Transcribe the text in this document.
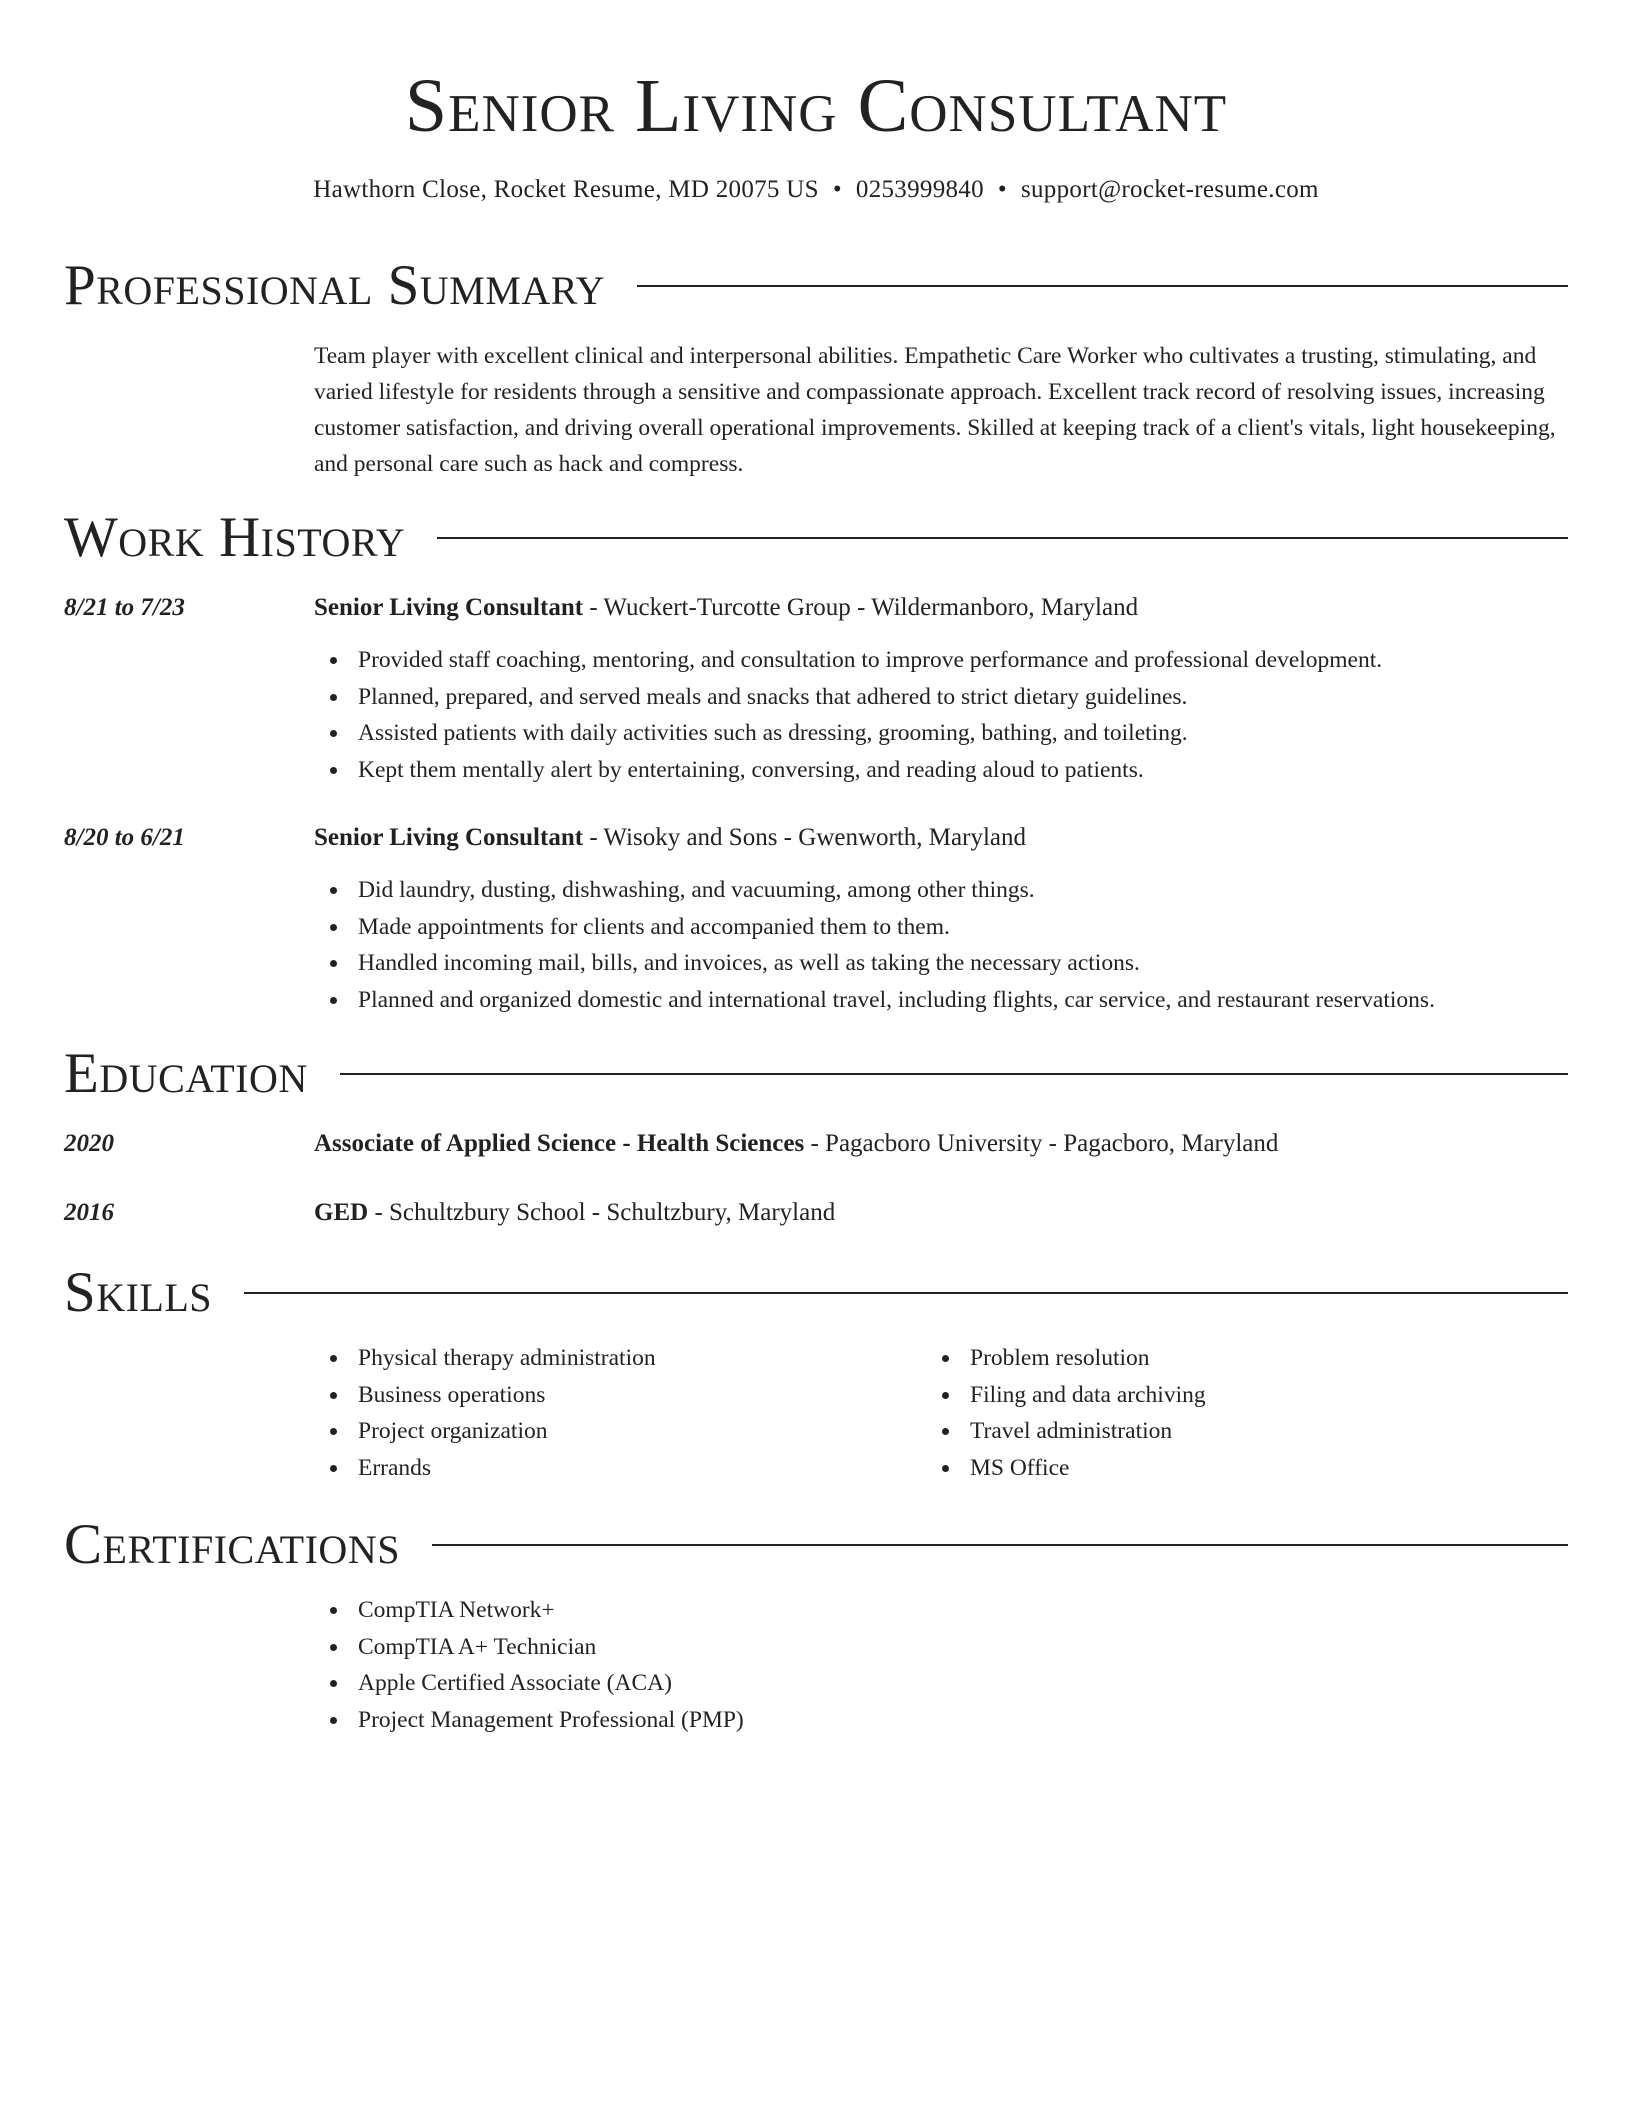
Senior Living Consultant
Hawthorn Close, Rocket Resume, MD 20075 US • 0253999840 • support@rocket-resume.com
Professional Summary

Team player with excellent clinical and interpersonal abilities. Empathetic Care Worker who cultivates a trusting, stimulating, and varied lifestyle for residents through a sensitive and compassionate approach. Excellent track record of resolving issues, increasing customer satisfaction, and driving overall operational improvements. Skilled at keeping track of a client's vitals, light housekeeping, and personal care such as hack and compress.

Work History
8/21 to 7/23	Senior Living Consultant - Wuckert-Turcotte Group - Wildermanboro, Maryland
Provided staff coaching, mentoring, and consultation to improve performance and professional development.
Planned, prepared, and served meals and snacks that adhered to strict dietary guidelines.
Assisted patients with daily activities such as dressing, grooming, bathing, and toileting.
Kept them mentally alert by entertaining, conversing, and reading aloud to patients.
8/20 to 6/21	Senior Living Consultant - Wisoky and Sons - Gwenworth, Maryland
Did laundry, dusting, dishwashing, and vacuuming, among other things.
Made appointments for clients and accompanied them to them.
Handled incoming mail, bills, and invoices, as well as taking the necessary actions.
Planned and organized domestic and international travel, including flights, car service, and restaurant reservations.
Education
2020	Associate of Applied Science - Health Sciences - Pagacboro University - Pagacboro, Maryland
2016	GED - Schultzbury School - Schultzbury, Maryland
Skills
Physical therapy administration
Business operations
Project organization
Errands
Problem resolution
Filing and data archiving
Travel administration
MS Office
Certifications
CompTIA Network+
CompTIA A+ Technician
Apple Certified Associate (ACA)
Project Management Professional (PMP)
